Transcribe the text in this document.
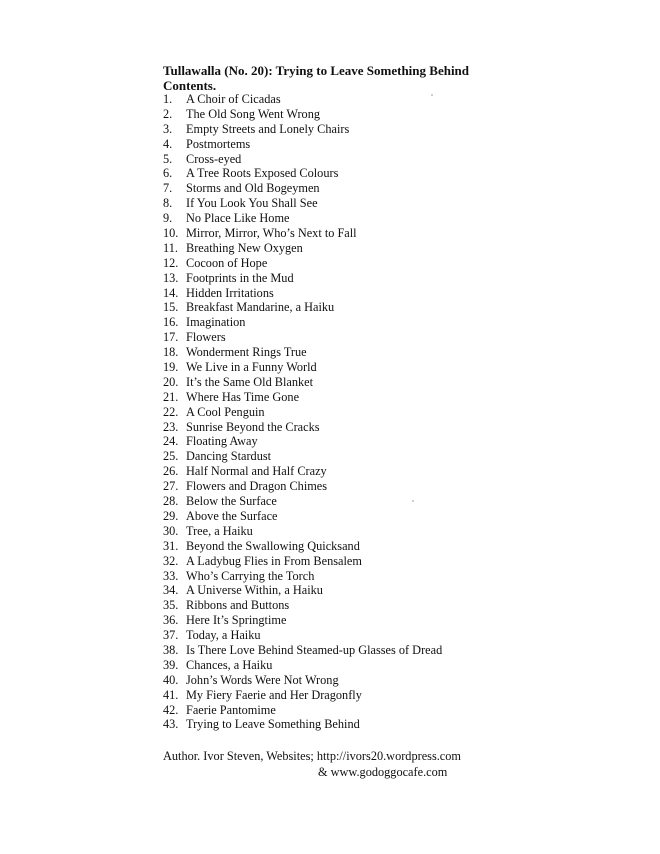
Tullawalla (No. 20): Trying to Leave Something Behind
Contents.
1. A Choir of Cicadas
2. The Old Song Went Wrong
3. Empty Streets and Lonely Chairs
4. Postmortems
5. Cross-eyed
6. A Tree Roots Exposed Colours
7. Storms and Old Bogeymen
8. If You Look You Shall See
9. No Place Like Home
10. Mirror, Mirror, Who’s Next to Fall
11. Breathing New Oxygen
12. Cocoon of Hope
13. Footprints in the Mud
14. Hidden Irritations
15. Breakfast Mandarine, a Haiku
16. Imagination
17. Flowers
18. Wonderment Rings True
19. We Live in a Funny World
20. It’s the Same Old Blanket
21. Where Has Time Gone
22. A Cool Penguin
23. Sunrise Beyond the Cracks
24. Floating Away
25. Dancing Stardust
26. Half Normal and Half Crazy
27. Flowers and Dragon Chimes
28. Below the Surface
29. Above the Surface
30. Tree, a Haiku
31. Beyond the Swallowing Quicksand
32. A Ladybug Flies in From Bensalem
33. Who’s Carrying the Torch
34. A Universe Within, a Haiku
35. Ribbons and Buttons
36. Here It’s Springtime
37. Today, a Haiku
38. Is There Love Behind Steamed-up Glasses of Dread
39. Chances, a Haiku
40. John’s Words Were Not Wrong
41. My Fiery Faerie and Her Dragonfly
42. Faerie Pantomime
43. Trying to Leave Something Behind
Author. Ivor Steven, Websites; http://ivors20.wordpress.com
& www.godoggocafe.com
